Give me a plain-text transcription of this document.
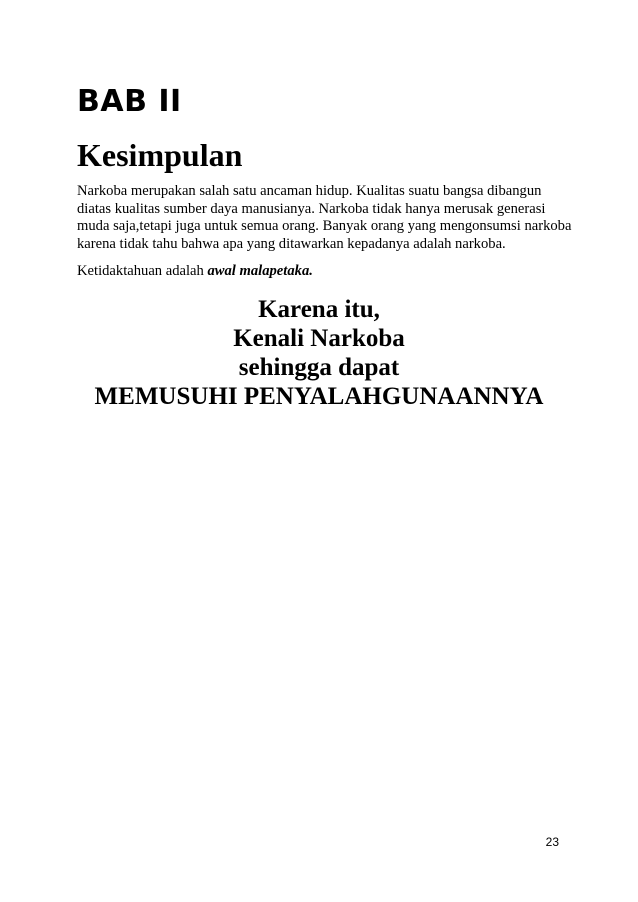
BAB II
Kesimpulan

Narkoba merupakan salah satu ancaman hidup. Kualitas suatu bangsa dibangun diatas kualitas sumber daya manusianya. Narkoba tidak hanya merusak generasi muda saja,tetapi juga untuk semua orang. Banyak orang yang mengonsumsi narkoba karena tidak tahu bahwa apa yang ditawarkan kepadanya adalah narkoba.

Ketidaktahuan adalah awal malapetaka.

Karena itu,
Kenali Narkoba
sehingga dapat
MEMUSUHI PENYALAHGUNAANNYA
23
